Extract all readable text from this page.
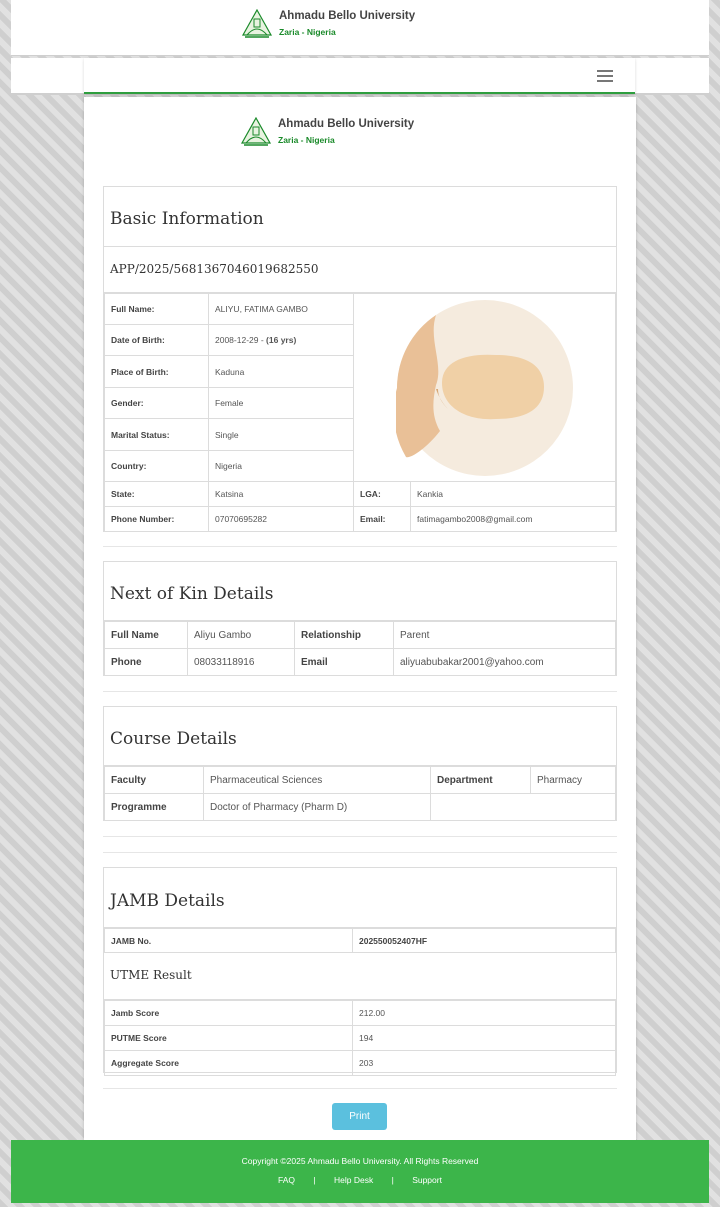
Ahmadu Bello University
Zaria - Nigeria
Ahmadu Bello University
Zaria - Nigeria
Basic Information
APP/2025/5681367046019682550
Full Name:	ALIYU, FATIMA GAMBO	

Date of Birth:	2008-12-29 - (16 yrs)		
Place of Birth:	Kaduna		
Gender:	Female		
Marital Status:	Single		
Country:	Nigeria		
State:	Katsina	LGA:	Kankia
Phone Number:	07070695282	Email:	fatimagambo2008@gmail.com
Next of Kin Details
Full Name	Aliyu Gambo	Relationship	Parent
Phone	08033118916	Email	aliyuabubakar2001@yahoo.com
Course Details
Faculty	Pharmaceutical Sciences	Department	Pharmacy
Programme	Doctor of Pharmacy (Pharm D)		
JAMB Details
JAMB No.	202550052407HF
UTME Result
Jamb Score	212.00
PUTME Score	194
Aggregate Score	203
Print
Copyright ©2025 Ahmadu Bello University. All Rights Reserved
FAQ | Help Desk | Support
